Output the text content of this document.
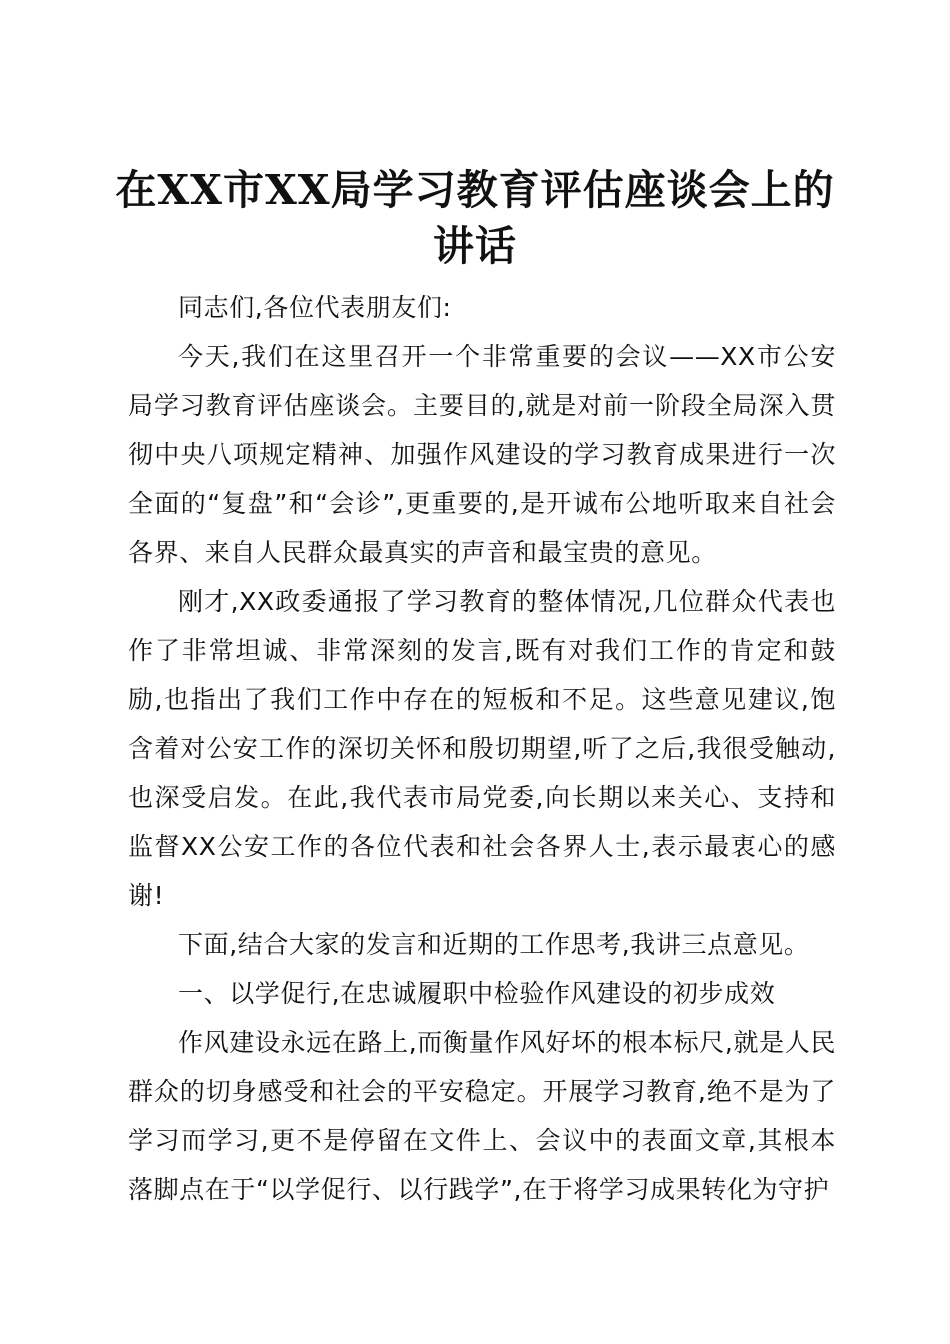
在XX市XX局学习教育评估座谈会上的讲话

同志们,各位代表朋友们:

今天,我们在这里召开一个非常重要的会议——XX市公安局学习教育评估座谈会。主要目的,就是对前一阶段全局深入贯彻中央八项规定精神、加强作风建设的学习教育成果进行一次全面的“复盘”和“会诊”,更重要的,是开诚布公地听取来自社会各界、来自人民群众最真实的声音和最宝贵的意见。

刚才,XX政委通报了学习教育的整体情况,几位群众代表也作了非常坦诚、非常深刻的发言,既有对我们工作的肯定和鼓励,也指出了我们工作中存在的短板和不足。这些意见建议,饱含着对公安工作的深切关怀和殷切期望,听了之后,我很受触动,也深受启发。在此,我代表市局党委,向长期以来关心、支持和监督XX公安工作的各位代表和社会各界人士,表示最衷心的感谢!

下面,结合大家的发言和近期的工作思考,我讲三点意见。

一、以学促行,在忠诚履职中检验作风建设的初步成效

作风建设永远在路上,而衡量作风好坏的根本标尺,就是人民群众的切身感受和社会的平安稳定。开展学习教育,绝不是为了学习而学习,更不是停留在文件上、会议中的表面文章,其根本落脚点在于“以学促行、以行践学”,在于将学习成果转化为守护
